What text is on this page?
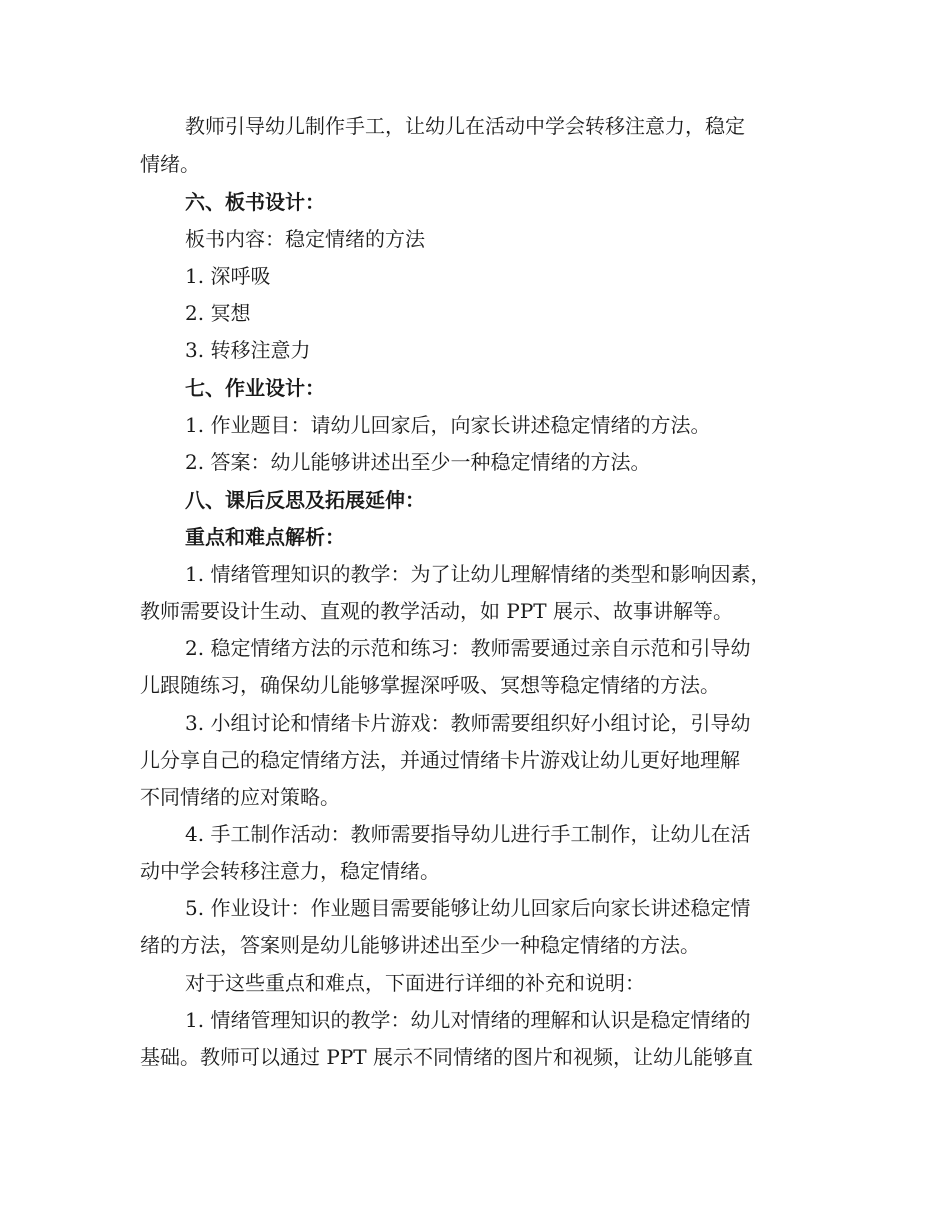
教师引导幼儿制作手工，让幼儿在活动中学会转移注意力，稳定
情绪。
六、板书设计：
板书内容：稳定情绪的方法
1. 深呼吸
2. 冥想
3. 转移注意力
七、作业设计：
1. 作业题目：请幼儿回家后，向家长讲述稳定情绪的方法。
2. 答案：幼儿能够讲述出至少一种稳定情绪的方法。
八、课后反思及拓展延伸：
重点和难点解析：
1. 情绪管理知识的教学：为了让幼儿理解情绪的类型和影响因素，
教师需要设计生动、直观的教学活动，如 PPT 展示、故事讲解等。
2. 稳定情绪方法的示范和练习：教师需要通过亲自示范和引导幼
儿跟随练习，确保幼儿能够掌握深呼吸、冥想等稳定情绪的方法。
3. 小组讨论和情绪卡片游戏：教师需要组织好小组讨论，引导幼
儿分享自己的稳定情绪方法，并通过情绪卡片游戏让幼儿更好地理解
不同情绪的应对策略。
4. 手工制作活动：教师需要指导幼儿进行手工制作，让幼儿在活
动中学会转移注意力，稳定情绪。
5. 作业设计：作业题目需要能够让幼儿回家后向家长讲述稳定情
绪的方法，答案则是幼儿能够讲述出至少一种稳定情绪的方法。
对于这些重点和难点，下面进行详细的补充和说明：
1. 情绪管理知识的教学：幼儿对情绪的理解和认识是稳定情绪的
基础。教师可以通过 PPT 展示不同情绪的图片和视频，让幼儿能够直
